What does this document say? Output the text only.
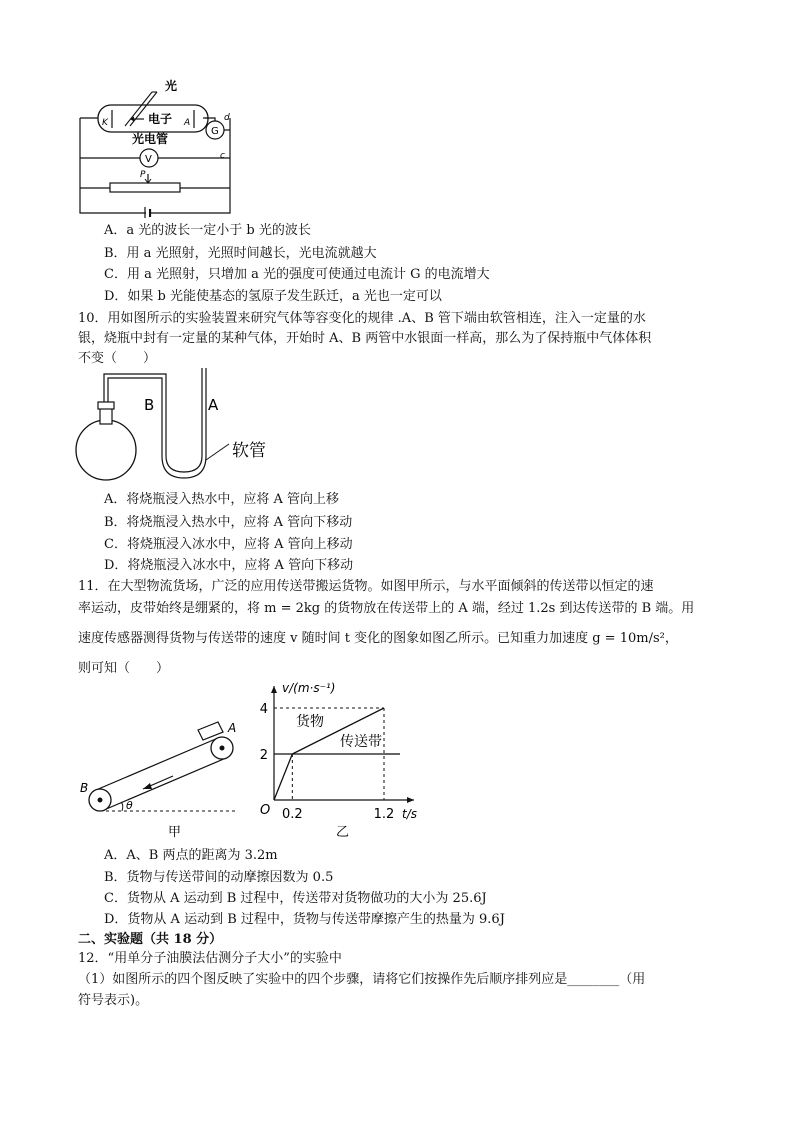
光
电子
光电管
K	A
G
V
d
c
P
A．a 光的波长一定小于 b 光的波长
B．用 a 光照射，光照时间越长，光电流就越大
C．用 a 光照射，只增加 a 光的强度可使通过电流计 G 的电流增大
D．如果 b 光能使基态的氢原子发生跃迁，a 光也一定可以
10．用如图所示的实验装置来研究气体等容变化的规律 .A、B 管下端由软管相连，注入一定量的水
银，烧瓶中封有一定量的某种气体，开始时 A、B 两管中水银面一样高，那么为了保持瓶中气体体积
不变（　　）
B	A
软管
A．将烧瓶浸入热水中，应将 A 管向上移
B．将烧瓶浸入热水中，应将 A 管向下移动
C．将烧瓶浸入冰水中，应将 A 管向上移动
D．将烧瓶浸入冰水中，应将 A 管向下移动
11．在大型物流货场，广泛的应用传送带搬运货物。如图甲所示，与水平面倾斜的传送带以恒定的速
率运动，皮带始终是绷紧的，将 m = 2kg 的货物放在传送带上的 A 端，经过 1.2s 到达传送带的 B 端。用
速度传感器测得货物与传送带的速度 v 随时间 t 变化的图象如图乙所示。已知重力加速度 g = 10m/s²，
则可知（　　）
A
B
θ
甲
v/(m·s⁻¹)
t/s
O
货物
传送带
乙
2
4
0.2	1.2
A．A、B 两点的距离为 3.2m
B．货物与传送带间的动摩擦因数为 0.5
C．货物从 A 运动到 B 过程中，传送带对货物做功的大小为 25.6J
D．货物从 A 运动到 B 过程中，货物与传送带摩擦产生的热量为 9.6J
二、实验题（共 18 分）
12．“用单分子油膜法估测分子大小”的实验中
（1）如图所示的四个图反映了实验中的四个步骤，请将它们按操作先后顺序排列应是________（用
符号表示)。
